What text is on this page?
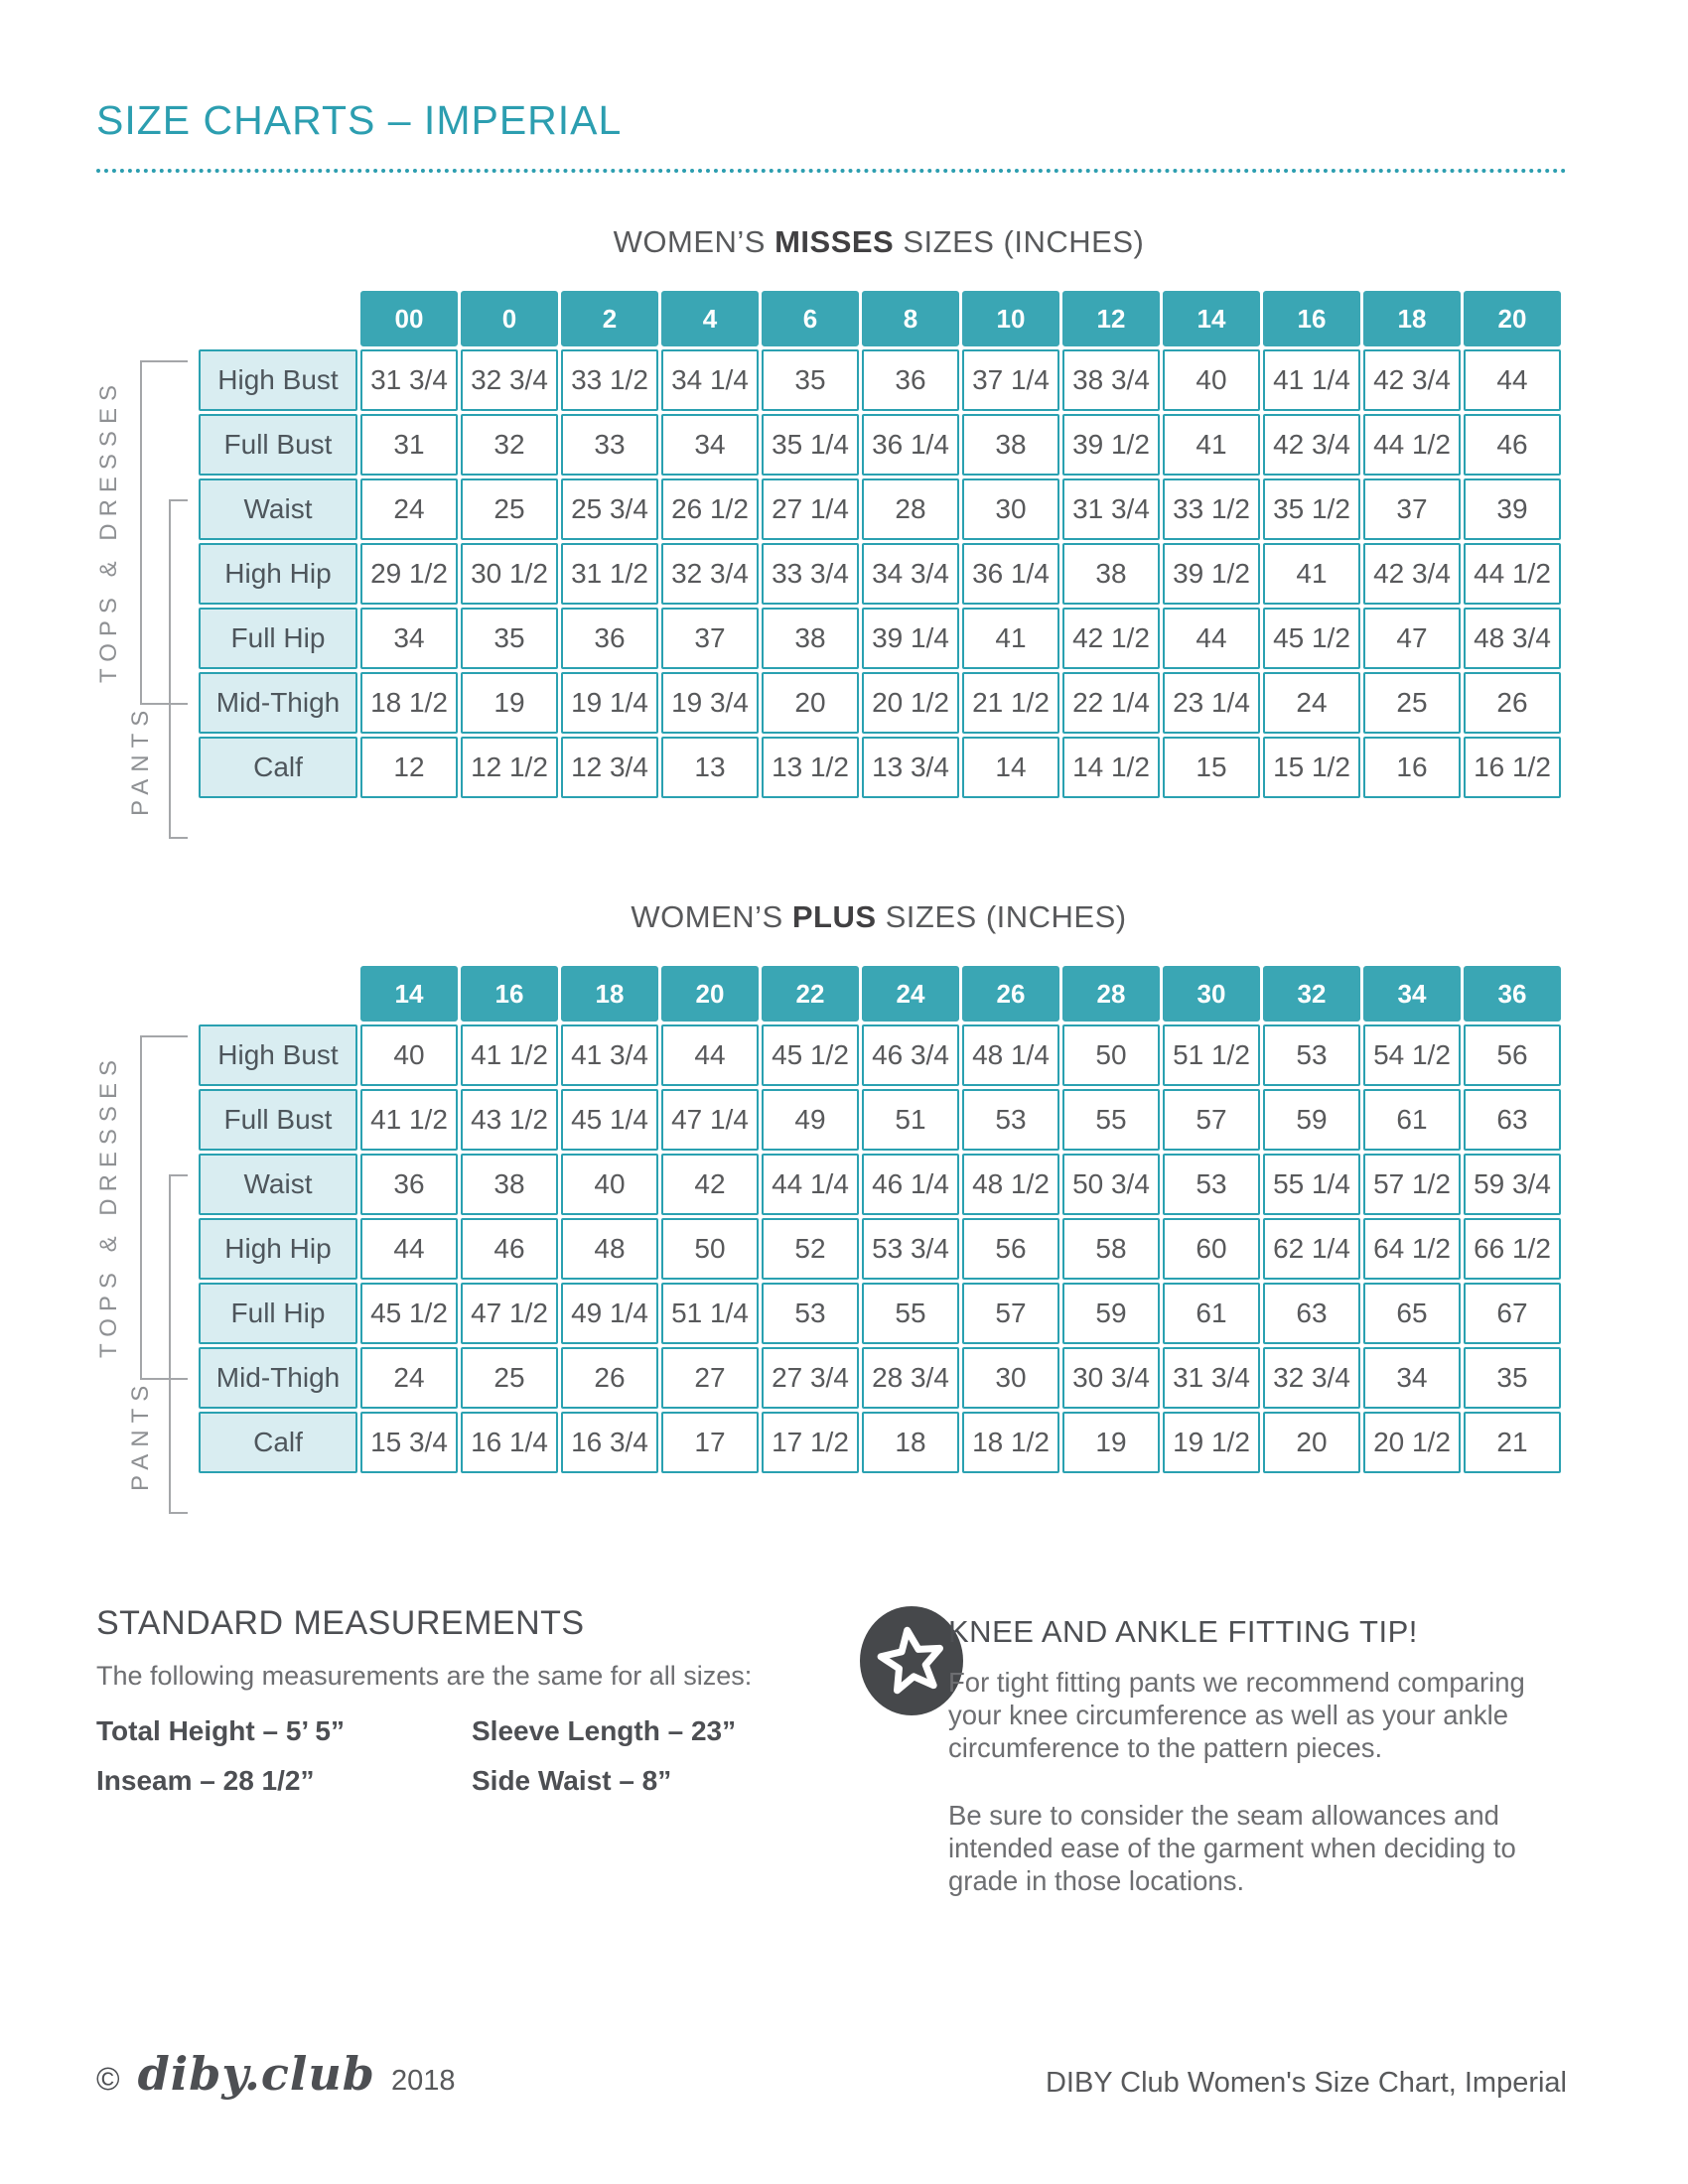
SIZE CHARTS – IMPERIAL
WOMEN’S MISSES SIZES (INCHES)
TOPS & DRESSES
PANTS
	00	0	2	4	6	8	10	12	14	16	18	20
High Bust	31 3/4	32 3/4	33 1/2	34 1/4	35	36	37 1/4	38 3/4	40	41 1/4	42 3/4	44
Full Bust	31	32	33	34	35 1/4	36 1/4	38	39 1/2	41	42 3/4	44 1/2	46
Waist	24	25	25 3/4	26 1/2	27 1/4	28	30	31 3/4	33 1/2	35 1/2	37	39
High Hip	29 1/2	30 1/2	31 1/2	32 3/4	33 3/4	34 3/4	36 1/4	38	39 1/2	41	42 3/4	44 1/2
Full Hip	34	35	36	37	38	39 1/4	41	42 1/2	44	45 1/2	47	48 3/4
Mid-Thigh	18 1/2	19	19 1/4	19 3/4	20	20 1/2	21 1/2	22 1/4	23 1/4	24	25	26
Calf	12	12 1/2	12 3/4	13	13 1/2	13 3/4	14	14 1/2	15	15 1/2	16	16 1/2
WOMEN’S PLUS SIZES (INCHES)
TOPS & DRESSES
PANTS
	14	16	18	20	22	24	26	28	30	32	34	36
High Bust	40	41 1/2	41 3/4	44	45 1/2	46 3/4	48 1/4	50	51 1/2	53	54 1/2	56
Full Bust	41 1/2	43 1/2	45 1/4	47 1/4	49	51	53	55	57	59	61	63
Waist	36	38	40	42	44 1/4	46 1/4	48 1/2	50 3/4	53	55 1/4	57 1/2	59 3/4
High Hip	44	46	48	50	52	53 3/4	56	58	60	62 1/4	64 1/2	66 1/2
Full Hip	45 1/2	47 1/2	49 1/4	51 1/4	53	55	57	59	61	63	65	67
Mid-Thigh	24	25	26	27	27 3/4	28 3/4	30	30 3/4	31 3/4	32 3/4	34	35
Calf	15 3/4	16 1/4	16 3/4	17	17 1/2	18	18 1/2	19	19 1/2	20	20 1/2	21
STANDARD MEASUREMENTS

The following measurements are the same for all sizes:

Total Height – 5’ 5”	Sleeve Length – 23”
Inseam – 28 1/2”	Side Waist – 8”
KNEE AND ANKLE FITTING TIP!

For tight fitting pants we recommend comparing your knee circumference as well as your ankle circumference to the pattern pieces.

Be sure to consider the seam allowances and intended ease of the garment when deciding to grade in those locations.

© diby.club 2018	DIBY Club Women's Size Chart, Imperial
